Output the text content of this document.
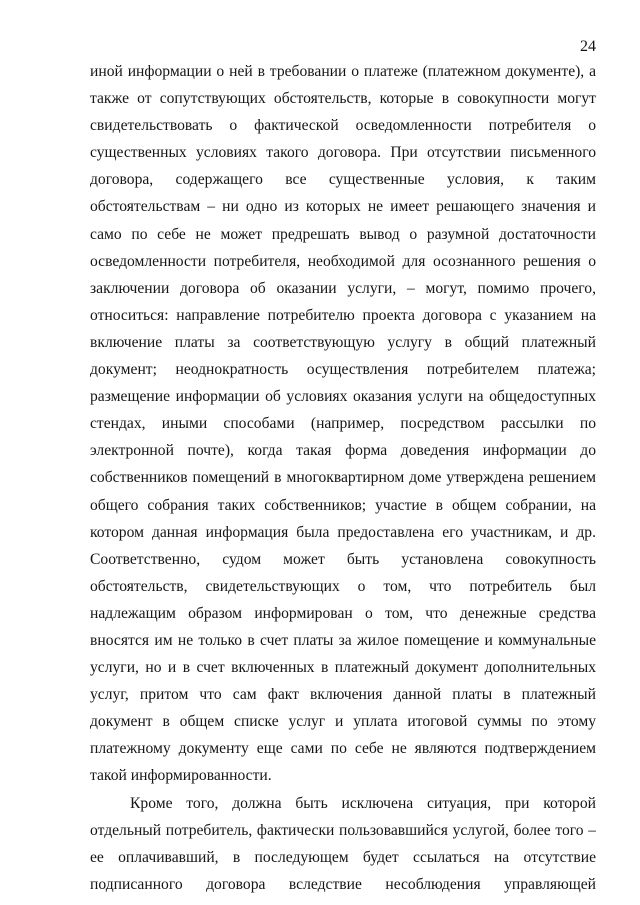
24
иной информации о ней в требовании о платеже (платежном документе), а
также от сопутствующих обстоятельств, которые в совокупности могут
свидетельствовать о фактической осведомленности потребителя о
существенных условиях такого договора. При отсутствии письменного
договора, содержащего все существенные условия, к таким
обстоятельствам – ни одно из которых не имеет решающего значения и
само по себе не может предрешать вывод о разумной достаточности
осведомленности потребителя, необходимой для осознанного решения о
заключении договора об оказании услуги, – могут, помимо прочего,
относиться: направление потребителю проекта договора с указанием на
включение платы за соответствующую услугу в общий платежный
документ; неоднократность осуществления потребителем платежа;
размещение информации об условиях оказания услуги на общедоступных
стендах, иными способами (например, посредством рассылки по
электронной почте), когда такая форма доведения информации до
собственников помещений в многоквартирном доме утверждена решением
общего собрания таких собственников; участие в общем собрании, на
котором данная информация была предоставлена его участникам, и др.
Соответственно, судом может быть установлена совокупность
обстоятельств, свидетельствующих о том, что потребитель был
надлежащим образом информирован о том, что денежные средства
вносятся им не только в счет платы за жилое помещение и коммунальные
услуги, но и в счет включенных в платежный документ дополнительных
услуг, притом что сам факт включения данной платы в платежный
документ в общем списке услуг и уплата итоговой суммы по этому
платежному документу еще сами по себе не являются подтверждением
такой информированности.
Кроме того, должна быть исключена ситуация, при которой
отдельный потребитель, фактически пользовавшийся услугой, более того –
ее оплачивавший, в последующем будет ссылаться на отсутствие
подписанного договора вследствие несоблюдения управляющей
